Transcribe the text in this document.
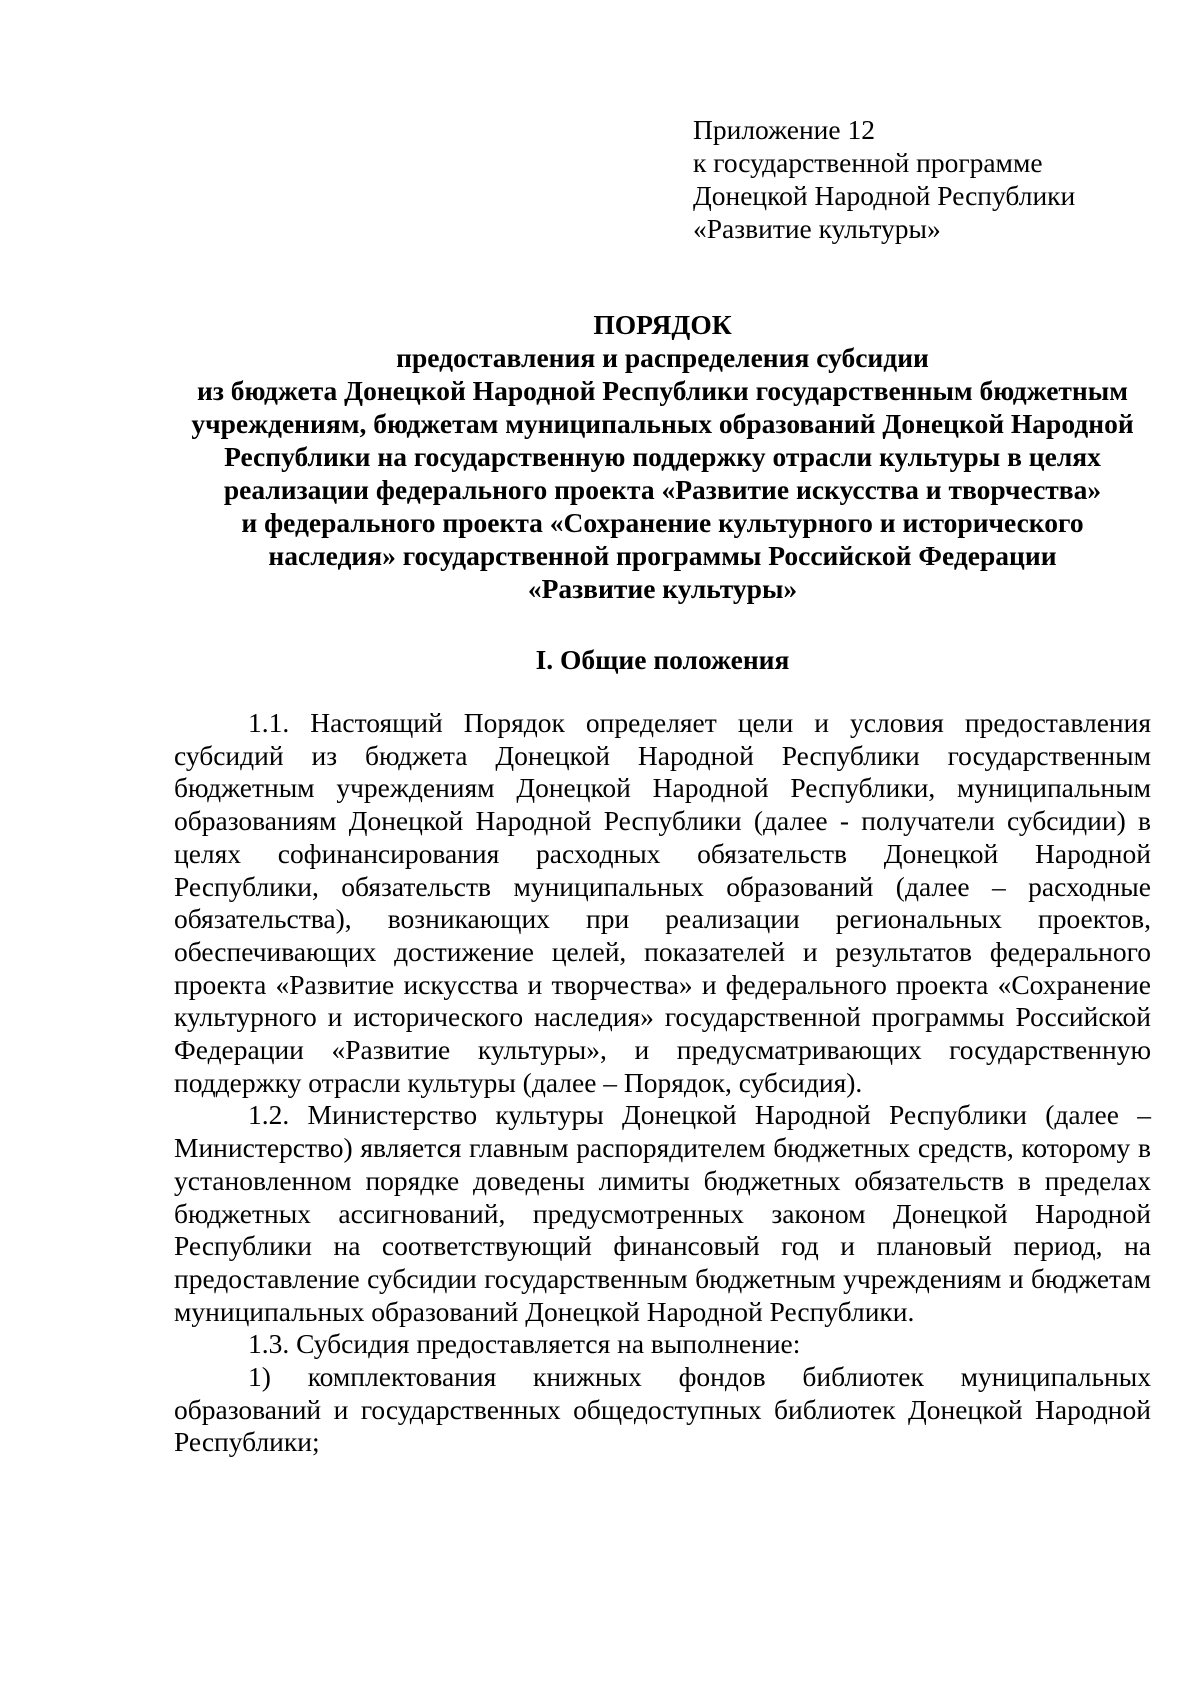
Приложение 12
к государственной программе
Донецкой Народной Республики
«Развитие культуры»
ПОРЯДОК
предоставления и распределения субсидии
из бюджета Донецкой Народной Республики государственным бюджетным
учреждениям, бюджетам муниципальных образований Донецкой Народной
Республики на государственную поддержку отрасли культуры в целях
реализации федерального проекта «Развитие искусства и творчества»
и федерального проекта «Сохранение культурного и исторического
наследия» государственной программы Российской Федерации
«Развитие культуры»
I. Общие положения

1.1. Настоящий Порядок определяет цели и условия предоставления субсидий из бюджета Донецкой Народной Республики государственным бюджетным учреждениям Донецкой Народной Республики, муниципальным образованиям Донецкой Народной Республики (далее - получатели субсидии) в целях софинансирования расходных обязательств Донецкой Народной Республики, обязательств муниципальных образований (далее – расходные обязательства), возникающих при реализации региональных проектов, обеспечивающих достижение целей, показателей и результатов федерального проекта «Развитие искусства и творчества» и федерального проекта «Сохранение культурного и исторического наследия» государственной программы Российской Федерации «Развитие культуры», и предусматривающих государственную поддержку отрасли культуры (далее – Порядок, субсидия).

1.2. Министерство культуры Донецкой Народной Республики (далее – Министерство) является главным распорядителем бюджетных средств, которому в установленном порядке доведены лимиты бюджетных обязательств в пределах бюджетных ассигнований, предусмотренных законом Донецкой Народной Республики на соответствующий финансовый год и плановый период, на предоставление субсидии государственным бюджетным учреждениям и бюджетам муниципальных образований Донецкой Народной Республики.

1.3. Субсидия предоставляется на выполнение:

1) комплектования книжных фондов библиотек муниципальных образований и государственных общедоступных библиотек Донецкой Народной Республики;
